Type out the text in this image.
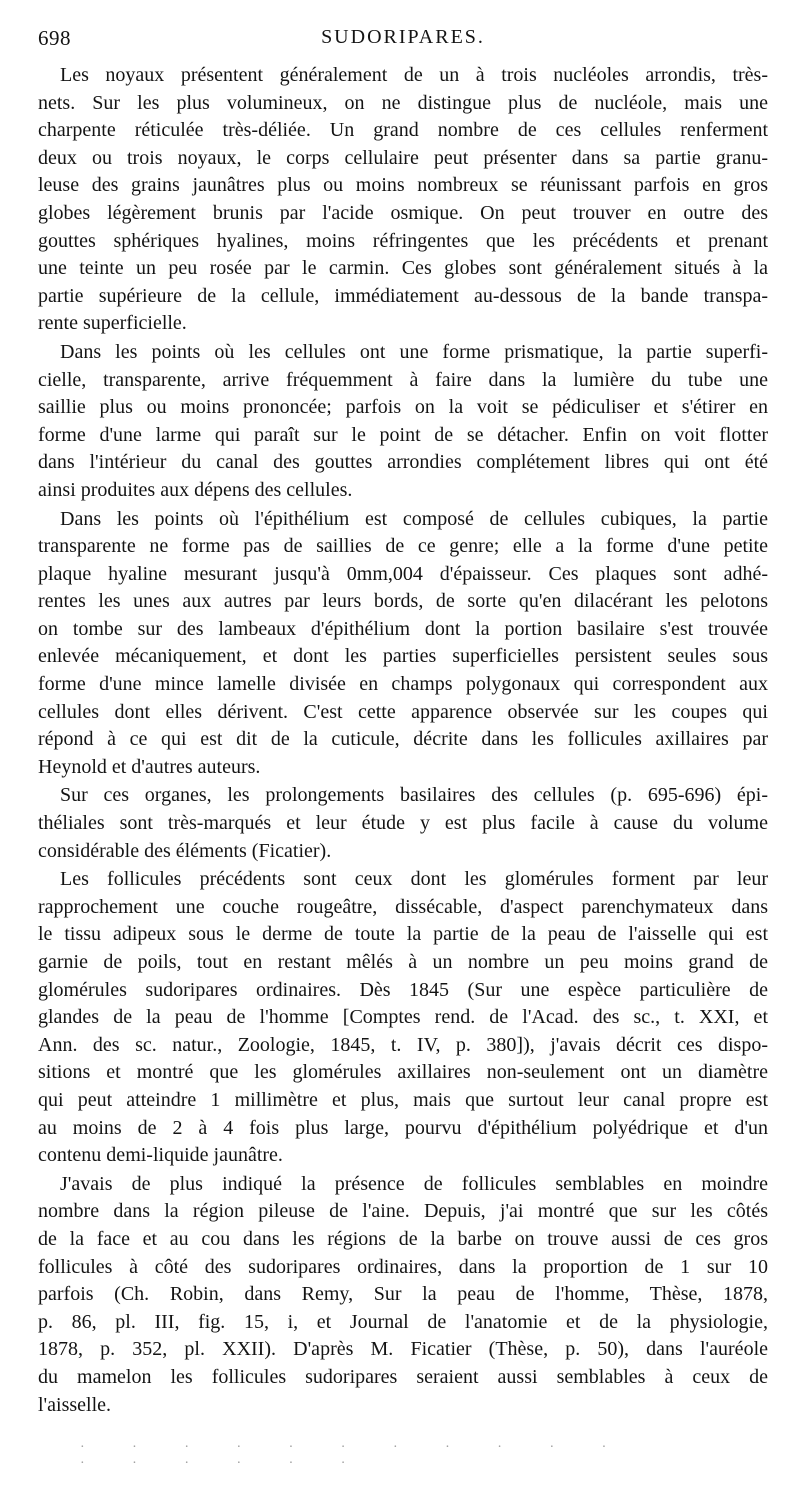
698	SUDORIPARES.

Les noyaux présentent généralement de un à trois nucléoles arrondis, très-
nets. Sur les plus volumineux, on ne distingue plus de nucléole, mais une
charpente réticulée très-déliée. Un grand nombre de ces cellules renferment
deux ou trois noyaux, le corps cellulaire peut présenter dans sa partie granu-
leuse des grains jaunâtres plus ou moins nombreux se réunissant parfois en gros
globes légèrement brunis par l'acide osmique. On peut trouver en outre des
gouttes sphériques hyalines, moins réfringentes que les précédents et prenant
une teinte un peu rosée par le carmin. Ces globes sont généralement situés à la
partie supérieure de la cellule, immédiatement au-dessous de la bande transpa-
rente superficielle.

Dans les points où les cellules ont une forme prismatique, la partie superfi-
cielle, transparente, arrive fréquemment à faire dans la lumière du tube une
saillie plus ou moins prononcée; parfois on la voit se pédiculiser et s'étirer en
forme d'une larme qui paraît sur le point de se détacher. Enfin on voit flotter
dans l'intérieur du canal des gouttes arrondies complétement libres qui ont été
ainsi produites aux dépens des cellules.

Dans les points où l'épithélium est composé de cellules cubiques, la partie
transparente ne forme pas de saillies de ce genre; elle a la forme d'une petite
plaque hyaline mesurant jusqu'à 0mm,004 d'épaisseur. Ces plaques sont adhé-
rentes les unes aux autres par leurs bords, de sorte qu'en dilacérant les pelotons
on tombe sur des lambeaux d'épithélium dont la portion basilaire s'est trouvée
enlevée mécaniquement, et dont les parties superficielles persistent seules sous
forme d'une mince lamelle divisée en champs polygonaux qui correspondent aux
cellules dont elles dérivent. C'est cette apparence observée sur les coupes qui
répond à ce qui est dit de la cuticule, décrite dans les follicules axillaires par
Heynold et d'autres auteurs.

Sur ces organes, les prolongements basilaires des cellules (p. 695-696) épi-
théliales sont très-marqués et leur étude y est plus facile à cause du volume
considérable des éléments (Ficatier).

Les follicules précédents sont ceux dont les glomérules forment par leur
rapprochement une couche rougeâtre, dissécable, d'aspect parenchymateux dans
le tissu adipeux sous le derme de toute la partie de la peau de l'aisselle qui est
garnie de poils, tout en restant mêlés à un nombre un peu moins grand de
glomérules sudoripares ordinaires. Dès 1845 (Sur une espèce particulière de
glandes de la peau de l'homme [Comptes rend. de l'Acad. des sc., t. XXI, et
Ann. des sc. natur., Zoologie, 1845, t. IV, p. 380]), j'avais décrit ces dispo-
sitions et montré que les glomérules axillaires non-seulement ont un diamètre
qui peut atteindre 1 millimètre et plus, mais que surtout leur canal propre est
au moins de 2 à 4 fois plus large, pourvu d'épithélium polyédrique et d'un
contenu demi-liquide jaunâtre.

J'avais de plus indiqué la présence de follicules semblables en moindre
nombre dans la région pileuse de l'aine. Depuis, j'ai montré que sur les côtés
de la face et au cou dans les régions de la barbe on trouve aussi de ces gros
follicules à côté des sudoripares ordinaires, dans la proportion de 1 sur 10
parfois (Ch. Robin, dans Remy, Sur la peau de l'homme, Thèse, 1878,
p. 86, pl. III, fig. 15, i, et Journal de l'anatomie et de la physiologie,
1878, p. 352, pl. XXII). D'après M. Ficatier (Thèse, p. 50), dans l'auréole
du mamelon les follicules sudoripares seraient aussi semblables à ceux de
l'aisselle.

· · · · · · · · · · · · · · · · ·
